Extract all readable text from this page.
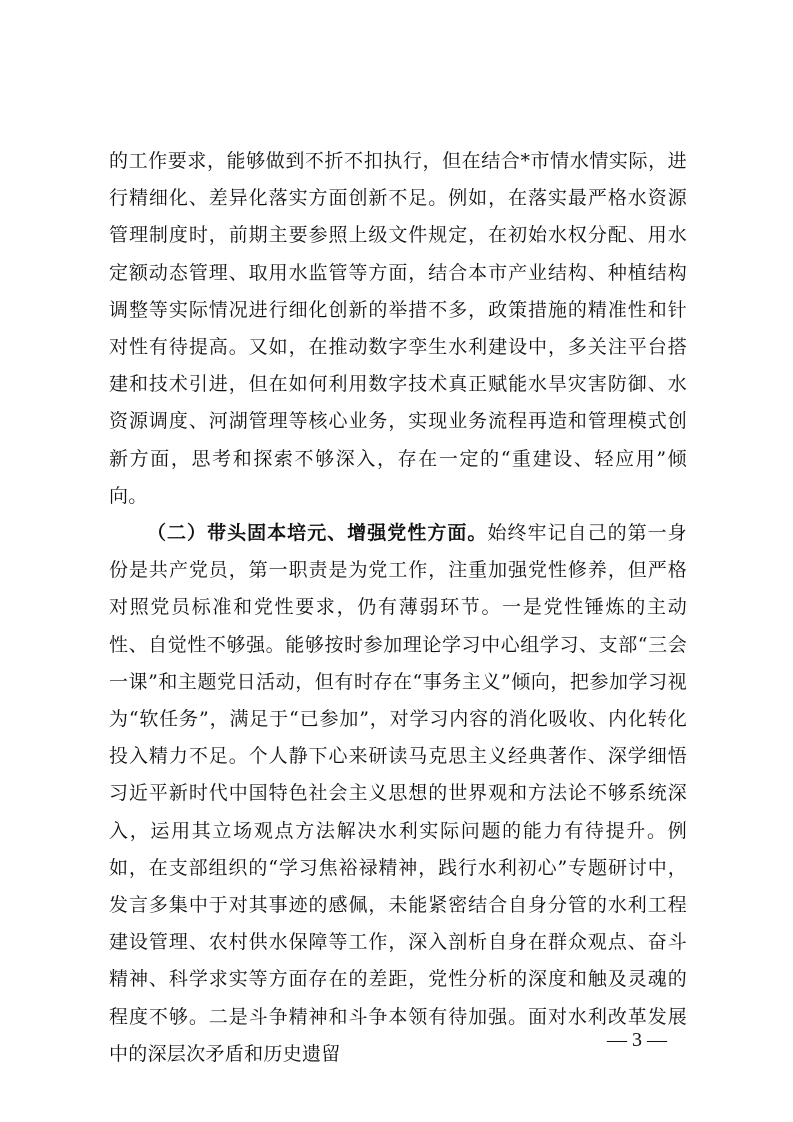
的工作要求，能够做到不折不扣执行，但在结合*市情水情实际，进行精细化、差异化落实方面创新不足。例如，在落实最严格水资源管理制度时，前期主要参照上级文件规定，在初始水权分配、用水定额动态管理、取用水监管等方面，结合本市产业结构、种植结构调整等实际情况进行细化创新的举措不多，政策措施的精准性和针对性有待提高。又如，在推动数字孪生水利建设中，多关注平台搭建和技术引进，但在如何利用数字技术真正赋能水旱灾害防御、水资源调度、河湖管理等核心业务，实现业务流程再造和管理模式创新方面，思考和探索不够深入，存在一定的“重建设、轻应用”倾向。

（二）带头固本培元、增强党性方面。始终牢记自己的第一身份是共产党员，第一职责是为党工作，注重加强党性修养，但严格对照党员标准和党性要求，仍有薄弱环节。一是党性锤炼的主动性、自觉性不够强。能够按时参加理论学习中心组学习、支部“三会一课”和主题党日活动，但有时存在“事务主义”倾向，把参加学习视为“软任务”，满足于“已参加”，对学习内容的消化吸收、内化转化投入精力不足。个人静下心来研读马克思主义经典著作、深学细悟习近平新时代中国特色社会主义思想的世界观和方法论不够系统深入，运用其立场观点方法解决水利实际问题的能力有待提升。例如，在支部组织的“学习焦裕禄精神，践行水利初心”专题研讨中，发言多集中于对其事迹的感佩，未能紧密结合自身分管的水利工程建设管理、农村供水保障等工作，深入剖析自身在群众观点、奋斗精神、科学求实等方面存在的差距，党性分析的深度和触及灵魂的程度不够。二是斗争精神和斗争本领有待加强。面对水利改革发展中的深层次矛盾和历史遗留

— 3 —
